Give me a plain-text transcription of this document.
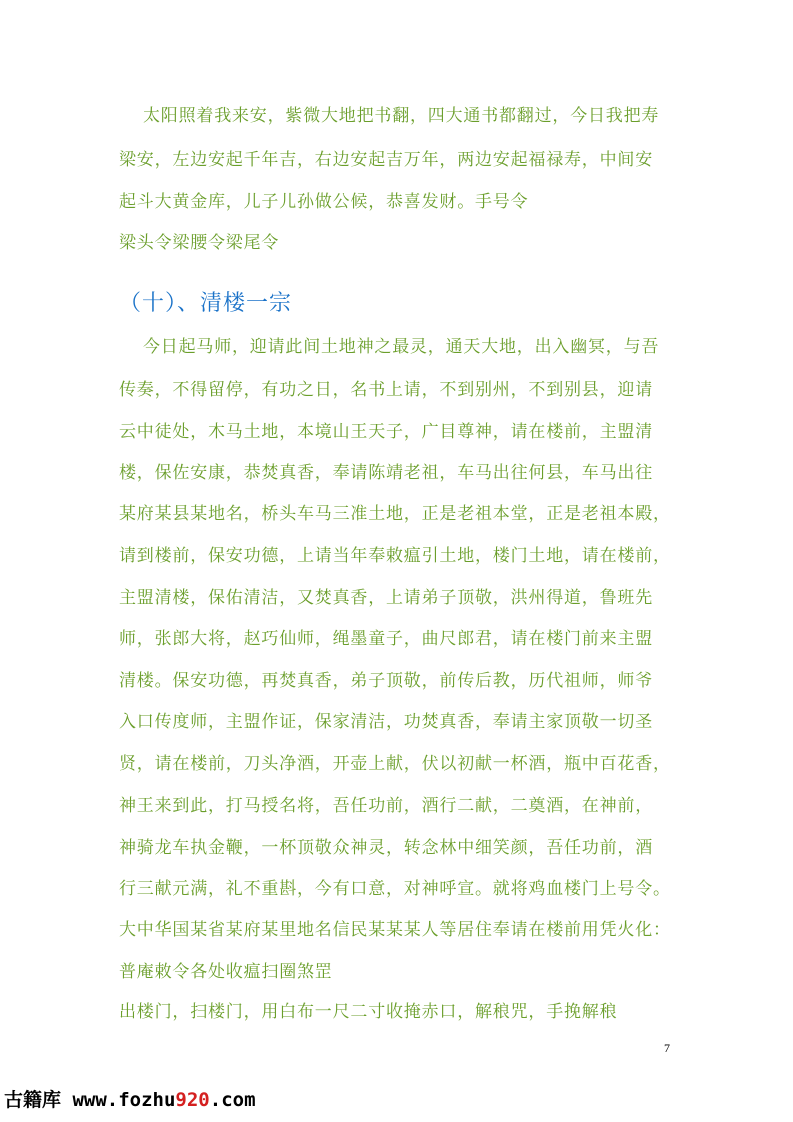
太阳照着我来安，紫微大地把书翻，四大通书都翻过，今日我把寿
梁安，左边安起千年吉，右边安起吉万年，两边安起福禄寿，中间安
起斗大黄金库，儿子儿孙做公候，恭喜发财。手号令
梁头令梁腰令梁尾令
（十）、清楼一宗
今日起马师，迎请此间土地神之最灵，通天大地，出入幽冥，与吾
传奏，不得留停，有功之日，名书上请，不到别州，不到别县，迎请
云中徒处，木马土地，本境山王天子，广目尊神，请在楼前，主盟清
楼，保佐安康，恭焚真香，奉请陈靖老祖，车马出往何县，车马出往
某府某县某地名，桥头车马三准土地，正是老祖本堂，正是老祖本殿，
请到楼前，保安功德，上请当年奉敕瘟引土地，楼门土地，请在楼前，
主盟清楼，保佑清洁，又焚真香，上请弟子顶敬，洪州得道，鲁班先
师，张郎大将，赵巧仙师，绳墨童子，曲尺郎君，请在楼门前来主盟
清楼。保安功德，再焚真香，弟子顶敬，前传后教，历代祖师，师爷
入口传度师，主盟作证，保家清洁，功焚真香，奉请主家顶敬一切圣
贤，请在楼前，刀头净酒，开壶上献，伏以初献一杯酒，瓶中百花香，
神王来到此，打马授名将，吾任功前，酒行二献，二奠酒，在神前，
神骑龙车执金鞭，一杯顶敬众神灵，转念林中细笑颜，吾任功前，酒
行三献元满，礼不重斟，今有口意，对神呼宣。就将鸡血楼门上号令。
大中华国某省某府某里地名信民某某某人等居住奉请在楼前用凭火化：
普庵敕令各处收瘟扫圈煞罡
出楼门，扫楼门，用白布一尺二寸收掩赤口，解稂咒，手挽解稂
7
古籍库 www.fozhu920.com
